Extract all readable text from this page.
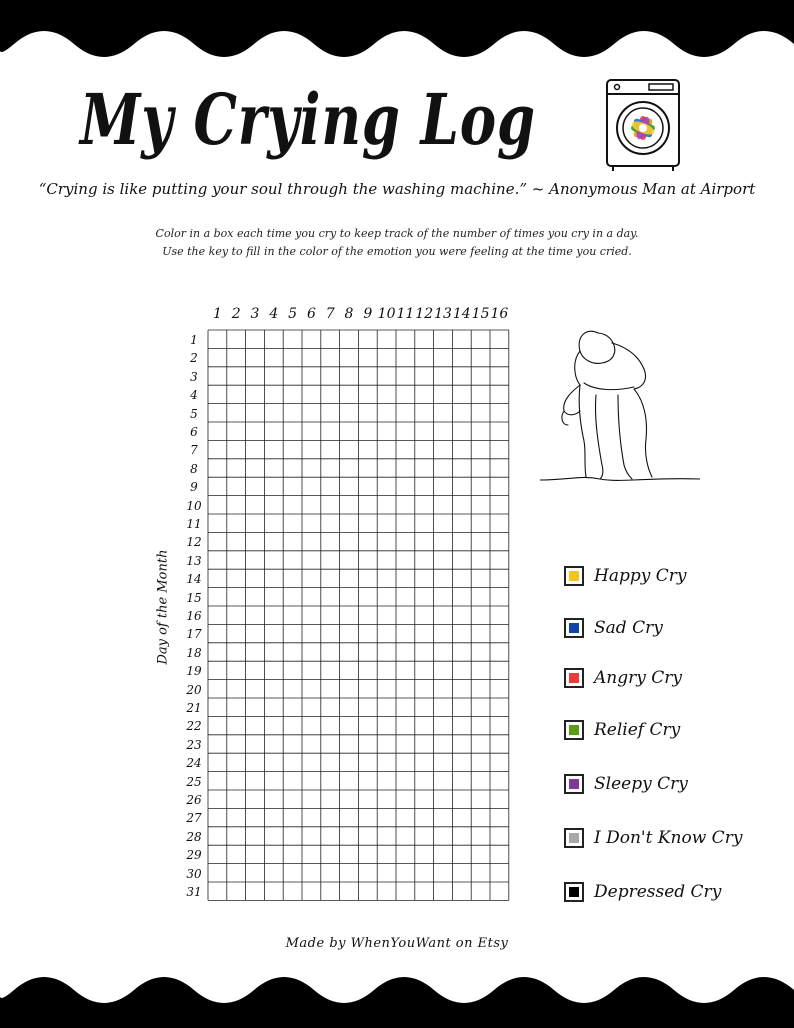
My Crying Log
“Crying is like putting your soul through the washing machine.” ~ Anonymous Man at Airport
Color in a box each time you cry to keep track of the number of times you cry in a day.
Use the key to fill in the color of the emotion you were feeling at the time you cried.
Day of the Month
1 2 3 4 5 6 7 8 9 10 11 12 13 14 15 16
1
2
3
4
5
6
7
8
9
10
11
12
13
14
15
16
17
18
19
20
21
22
23
24
25
26
27
28
29
30
31
Happy Cry
Sad Cry
Angry Cry
Relief Cry
Sleepy Cry
I Don't Know Cry
Depressed Cry
Made by WhenYouWant on Etsy
